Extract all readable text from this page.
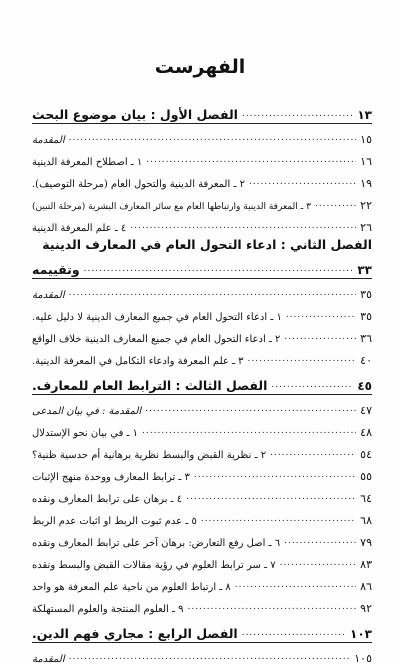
الفهرست
الفصل الأول : بيان موضوع البحث .....	١٣
المقدمة .....	١٥
١ ـ اصطلاح المعرفة الدينية .....	١٦
٢ ـ المعرفة الدينية والتحول العام (مرحلة التوصيف). .....	١٩
٣ ـ المعرفة الدينية وارتباطها العام مع سائر المعارف البشرية (مرحلة التبين) .....	٢٢
٤ ـ علم المعرفة الدينية .....	٢٦
الفصل الثاني : ادعاء التحول العام في المعارف الدينية
وتقييمه .....	٣٣
المقدمة .....	٣٥
١ ـ ادعاء التحول العام في جميع المعارف الدينية لا دليل عليه. .....	٣٥
٢ ـ ادعاء التحول العام في جميع المعارف الدينية خلاف الواقع .....	٣٦
٣ ـ علم المعرفة وادعاء التكامل في المعرفة الدينية. .....	٤٠
الفصل الثالث : الترابط العام للمعارف. .....	٤٥
المقدمة : في بيان المدعى .....	٤٧
١ ـ في بيان نحو الإستدلال .....	٤٨
٢ ـ نظرية القبض والبسط نظرية برهانية أم حدسية ظنية؟ .....	٥٤
٣ ـ ترابط المعارف ووحدة منهج الإثبات .....	٥٥
٤ ـ برهان على ترابط المعارف ونقده .....	٦٤
٥ ـ عدم ثبوت الربط او اثبات عدم الربط .....	٦٨
٦ ـ اصل رفع التعارض: برهان آخر على ترابط المعارف ونقده .....	٧٩
٧ ـ سر ترابط العلوم في رؤية مقالات القبض والبسط ونقده .....	٨٣
٨ ـ ارتباط العلوم من ناحية علم المعرفة هو واحد .....	٨٦
٩ ـ العلوم المنتجة والعلوم المستهلكة .....	٩٢
الفصل الرابع : مجاري فهم الدين. .....	١٠٣
المقدمة .....	١٠٥
